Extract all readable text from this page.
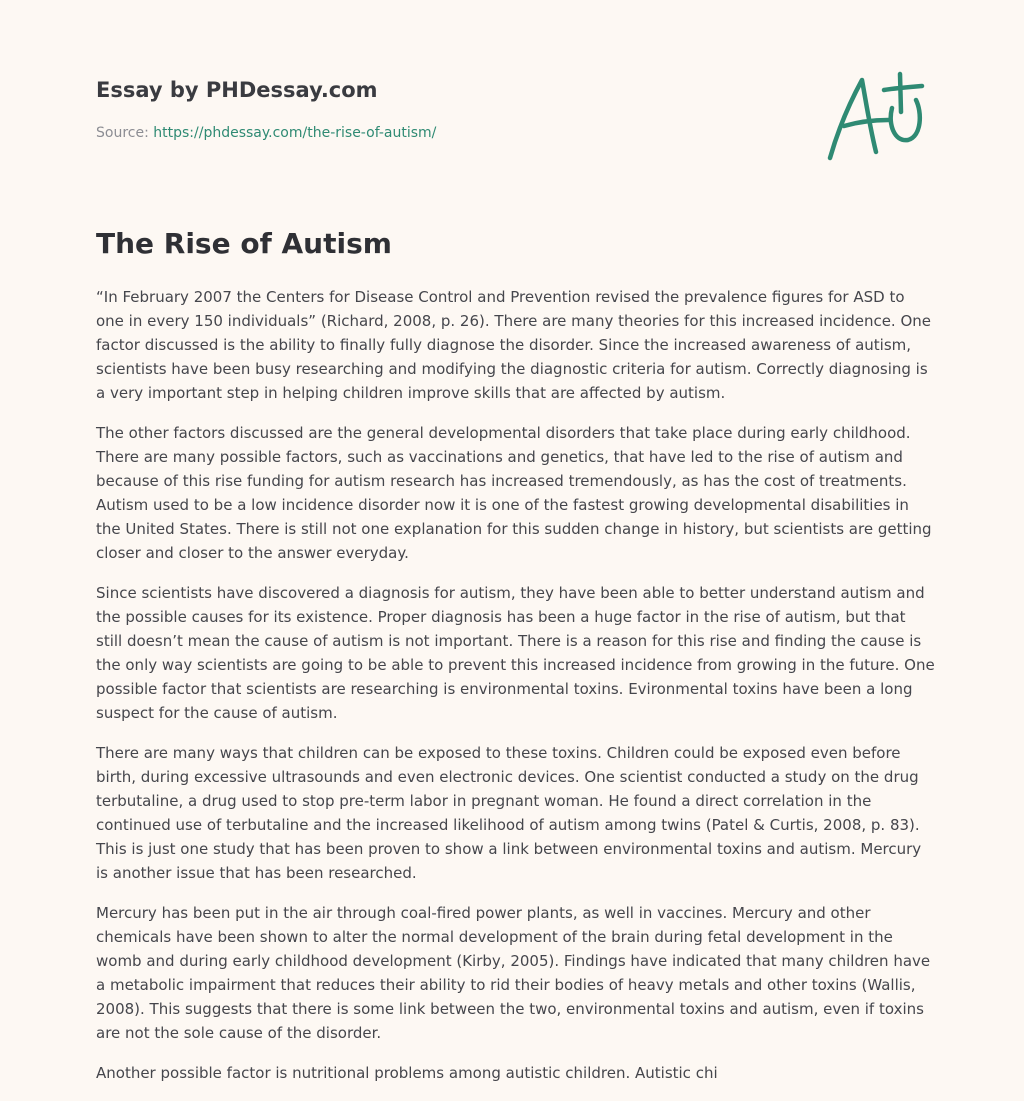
Essay by PHDessay.com
Source: https://phdessay.com/the-rise-of-autism/
The Rise of Autism

“In February 2007 the Centers for Disease Control and Prevention revised the prevalence figures for ASD to one in every 150 individuals” (Richard, 2008, p. 26). There are many theories for this increased incidence. One factor discussed is the ability to finally fully diagnose the disorder. Since the increased awareness of autism, scientists have been busy researching and modifying the diagnostic criteria for autism. Correctly diagnosing is a very important step in helping children improve skills that are affected by autism.

The other factors discussed are the general developmental disorders that take place during early childhood. There are many possible factors, such as vaccinations and genetics, that have led to the rise of autism and because of this rise funding for autism research has increased tremendously, as has the cost of treatments. Autism used to be a low incidence disorder now it is one of the fastest growing developmental disabilities in the United States. There is still not one explanation for this sudden change in history, but scientists are getting closer and closer to the answer everyday.

Since scientists have discovered a diagnosis for autism, they have been able to better understand autism and the possible causes for its existence. Proper diagnosis has been a huge factor in the rise of autism, but that still doesn’t mean the cause of autism is not important. There is a reason for this rise and finding the cause is the only way scientists are going to be able to prevent this increased incidence from growing in the future. One possible factor that scientists are researching is environmental toxins. Evironmental toxins have been a long suspect for the cause of autism.

There are many ways that children can be exposed to these toxins. Children could be exposed even before birth, during excessive ultrasounds and even electronic devices. One scientist conducted a study on the drug terbutaline, a drug used to stop pre-term labor in pregnant woman. He found a direct correlation in the continued use of terbutaline and the increased likelihood of autism among twins (Patel & Curtis, 2008, p. 83). This is just one study that has been proven to show a link between environmental toxins and autism. Mercury is another issue that has been researched.

Mercury has been put in the air through coal-fired power plants, as well in vaccines. Mercury and other chemicals have been shown to alter the normal development of the brain during fetal development in the womb and during early childhood development (Kirby, 2005). Findings have indicated that many children have a metabolic impairment that reduces their ability to rid their bodies of heavy metals and other toxins (Wallis, 2008). This suggests that there is some link between the two, environmental toxins and autism, even if toxins are not the sole cause of the disorder.

Another possible factor is nutritional problems among autistic children. Autistic chi
